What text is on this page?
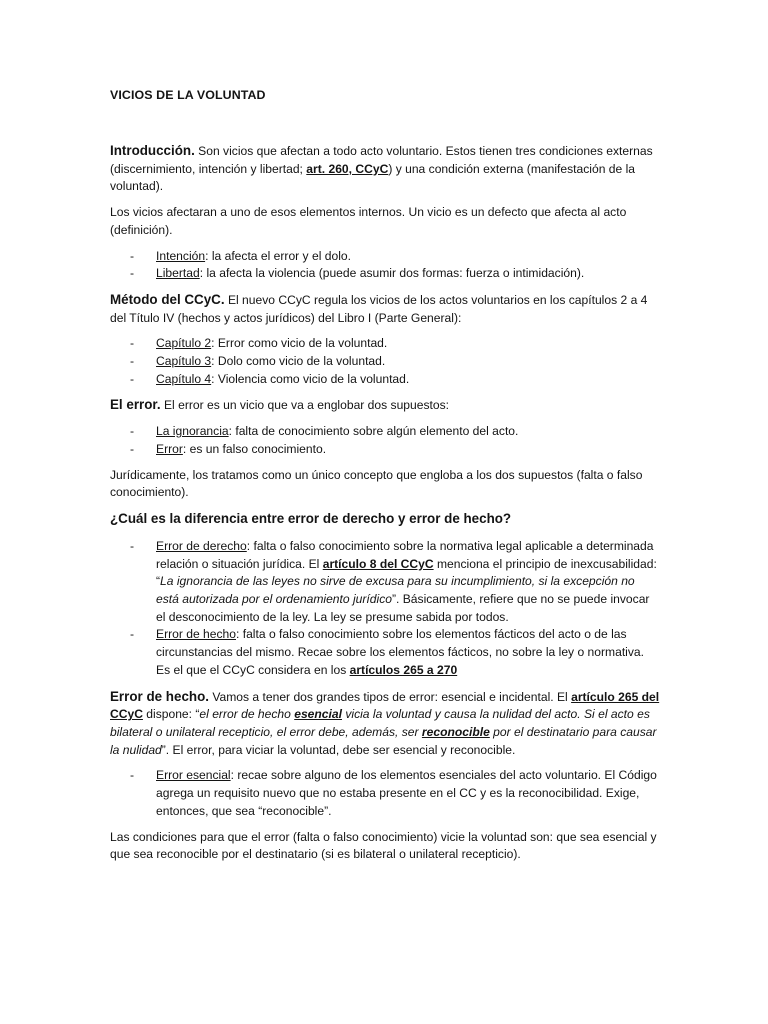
VICIOS DE LA VOLUNTAD

Introducción. Son vicios que afectan a todo acto voluntario. Estos tienen tres condiciones externas (discernimiento, intención y libertad; art. 260, CCyC) y una condición externa (manifestación de la voluntad).

Los vicios afectaran a uno de esos elementos internos. Un vicio es un defecto que afecta al acto (definición).

- Intención: la afecta el error y el dolo.
- Libertad: la afecta la violencia (puede asumir dos formas: fuerza o intimidación).

Método del CCyC. El nuevo CCyC regula los vicios de los actos voluntarios en los capítulos 2 a 4 del Título IV (hechos y actos jurídicos) del Libro I (Parte General):

- Capítulo 2: Error como vicio de la voluntad.
- Capítulo 3: Dolo como vicio de la voluntad.
- Capítulo 4: Violencia como vicio de la voluntad.

El error. El error es un vicio que va a englobar dos supuestos:

- La ignorancia: falta de conocimiento sobre algún elemento del acto.
- Error: es un falso conocimiento.

Jurídicamente, los tratamos como un único concepto que engloba a los dos supuestos (falta o falso conocimiento).

¿Cuál es la diferencia entre error de derecho y error de hecho?
- Error de derecho: falta o falso conocimiento sobre la normativa legal aplicable a determinada relación o situación jurídica. El artículo 8 del CCyC menciona el principio de inexcusabilidad: “La ignorancia de las leyes no sirve de excusa para su incumplimiento, si la excepción no está autorizada por el ordenamiento jurídico”. Básicamente, refiere que no se puede invocar el desconocimiento de la ley. La ley se presume sabida por todos.
- Error de hecho: falta o falso conocimiento sobre los elementos fácticos del acto o de las circunstancias del mismo. Recae sobre los elementos fácticos, no sobre la ley o normativa. Es el que el CCyC considera en los artículos 265 a 270

Error de hecho. Vamos a tener dos grandes tipos de error: esencial e incidental. El artículo 265 del CCyC dispone: “el error de hecho esencial vicia la voluntad y causa la nulidad del acto. Si el acto es bilateral o unilateral recepticio, el error debe, además, ser reconocible por el destinatario para causar la nulidad”. El error, para viciar la voluntad, debe ser esencial y reconocible.

- Error esencial: recae sobre alguno de los elementos esenciales del acto voluntario. El Código agrega un requisito nuevo que no estaba presente en el CC y es la reconocibilidad. Exige, entonces, que sea “reconocible”.

Las condiciones para que el error (falta o falso conocimiento) vicie la voluntad son: que sea esencial y que sea reconocible por el destinatario (si es bilateral o unilateral recepticio).
